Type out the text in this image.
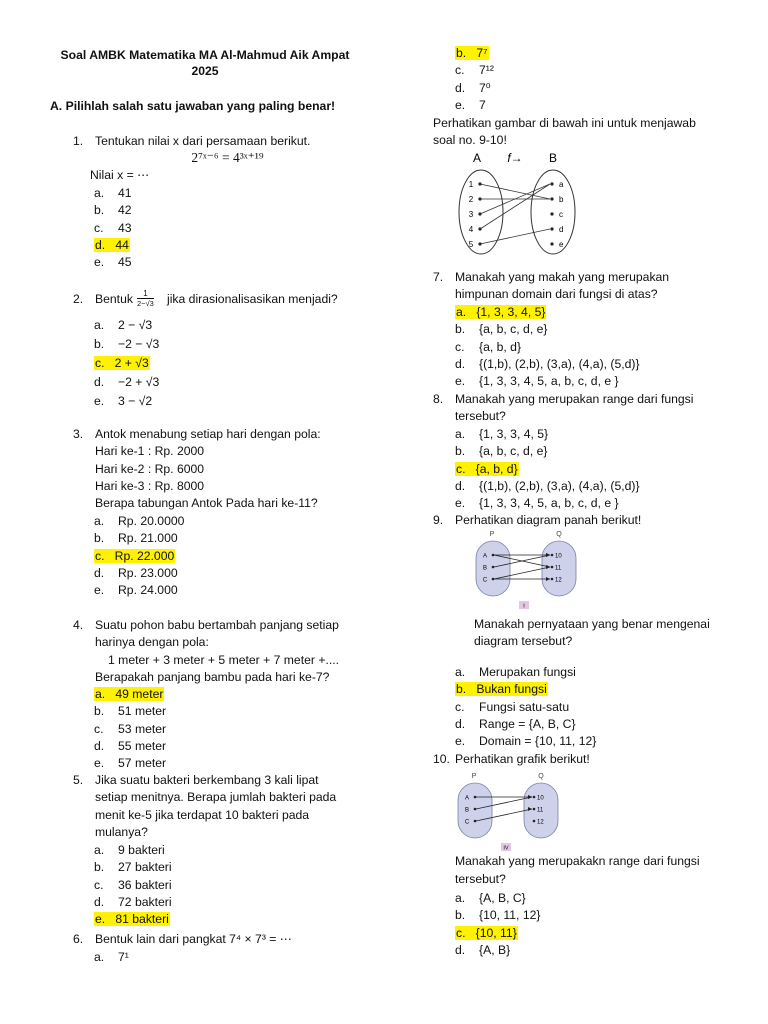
Soal AMBK Matematika MA Al-Mahmud Aik Ampat
2025
A. Pilihlah salah satu jawaban yang paling benar!
1. Tentukan nilai x dari persamaan berikut.
2⁷ˣ⁻⁶ = 4³ˣ⁺¹⁹
Nilai x = ⋯
a. 41
b. 42
c. 43
d.   44
e. 45
2. Bentuk	1
2−√3 jika dirasionalisasikan menjadi?
a. 2 − √3
b. −2 − √3
c.   2 + √3
d. −2 + √3
e. 3 − √2
3. Antok menabung setiap hari dengan pola:
Hari ke-1 : Rp. 2000
Hari ke-2 : Rp. 6000
Hari ke-3 : Rp. 8000
Berapa tabungan Antok Pada hari ke-11?
a. Rp. 20.0000
b. Rp. 21.000
c.   Rp. 22.000
d. Rp. 23.000
e. Rp. 24.000
4. Suatu pohon babu bertambah panjang setiap
harinya dengan pola:
1 meter + 3 meter + 5 meter + 7 meter +....
Berapakah panjang bambu pada hari ke-7?
a.   49 meter
b. 51 meter
c. 53 meter
d. 55 meter
e. 57 meter
5. Jika suatu bakteri berkembang 3 kali lipat
setiap menitnya. Berapa jumlah bakteri pada
menit ke-5 jika terdapat 10 bakteri pada
mulanya?
a. 9 bakteri
b. 27 bakteri
c. 36 bakteri
d. 72 bakteri
e.   81 bakteri
6. Bentuk lain dari pangkat 7⁴ × 7³ = ⋯
a. 7¹
b.   7⁷
c. 7¹²
d. 7⁰
e. 7
Perhatikan gambar di bawah ini untuk menjawab
soal no. 9-10!
A f→ B
1
2
3
4
5
a
b
c
d
e
7. Manakah yang makah yang merupakan
himpunan domain dari fungsi di atas?
a.   {1, 3, 3, 4, 5}
b. {a, b, c, d, e}
c. {a, b, d}
d. {(1,b), (2,b), (3,a), (4,a), (5,d)}
e. {1, 3, 3, 4, 5, a, b, c, d, e }
8. Manakah yang merupakan range dari fungsi
tersebut?
a. {1, 3, 3, 4, 5}
b. {a, b, c, d, e}
c.   {a, b, d}
d. {(1,b), (2,b), (3,a), (4,a), (5,d)}
e. {1, 3, 3, 4, 5, a, b, c, d, e }
9. Perhatikan diagram panah berikut!
P	Q
A
B
C
10
11
12
I
Manakah pernyataan yang benar mengenai
diagram tersebut?
a. Merupakan fungsi
b.   Bukan fungsi
c. Fungsi satu-satu
d. Range = {A, B, C}
e. Domain = {10, 11, 12}
10. Perhatikan grafik berikut!
P	Q
A
B
C
10
11
12
IV
Manakah yang merupakakn range dari fungsi
tersebut?
a. {A, B, C}
b. {10, 11, 12}
c.   {10, 11}
d. {A, B}
